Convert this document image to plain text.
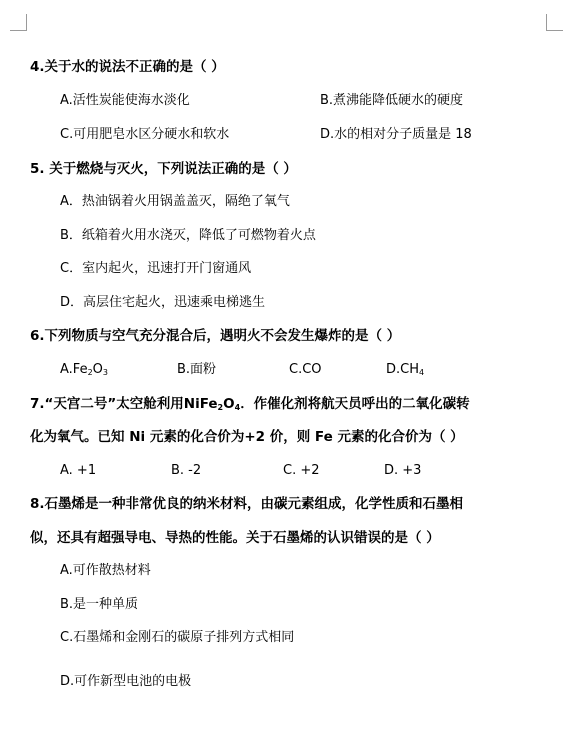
4.关于水的说法不正确的是（ ）
A.活性炭能使海水淡化	B.煮沸能降低硬水的硬度
C.可用肥皂水区分硬水和软水	D.水的相对分子质量是 18
5. 关于燃烧与灭火，下列说法正确的是（ ）
A．热油锅着火用锅盖盖灭，隔绝了氧气
B．纸箱着火用水浇灭，降低了可燃物着火点
C．室内起火，迅速打开门窗通风
D．高层住宅起火，迅速乘电梯逃生
6.下列物质与空气充分混合后，遇明火不会发生爆炸的是（ ）
$A.Fe_2O_3$	B.面粉	C.CO	$D.CH_4$
7.“天宫二号”太空舱利用$NiFe_2O_4$．作催化剂将航天员呼出的二氧化碳转
化为氧气。已知 Ni 元素的化合价为+2 价，则 Fe 元素的化合价为（ ）
A. +1	B. -2	C. +2	D. +3
8.石墨烯是一种非常优良的纳米材料，由碳元素组成，化学性质和石墨相
似，还具有超强导电、导热的性能。关于石墨烯的认识错误的是（ ）
A.可作散热材料
B.是一种单质
C.石墨烯和金刚石的碳原子排列方式相同
D.可作新型电池的电极
